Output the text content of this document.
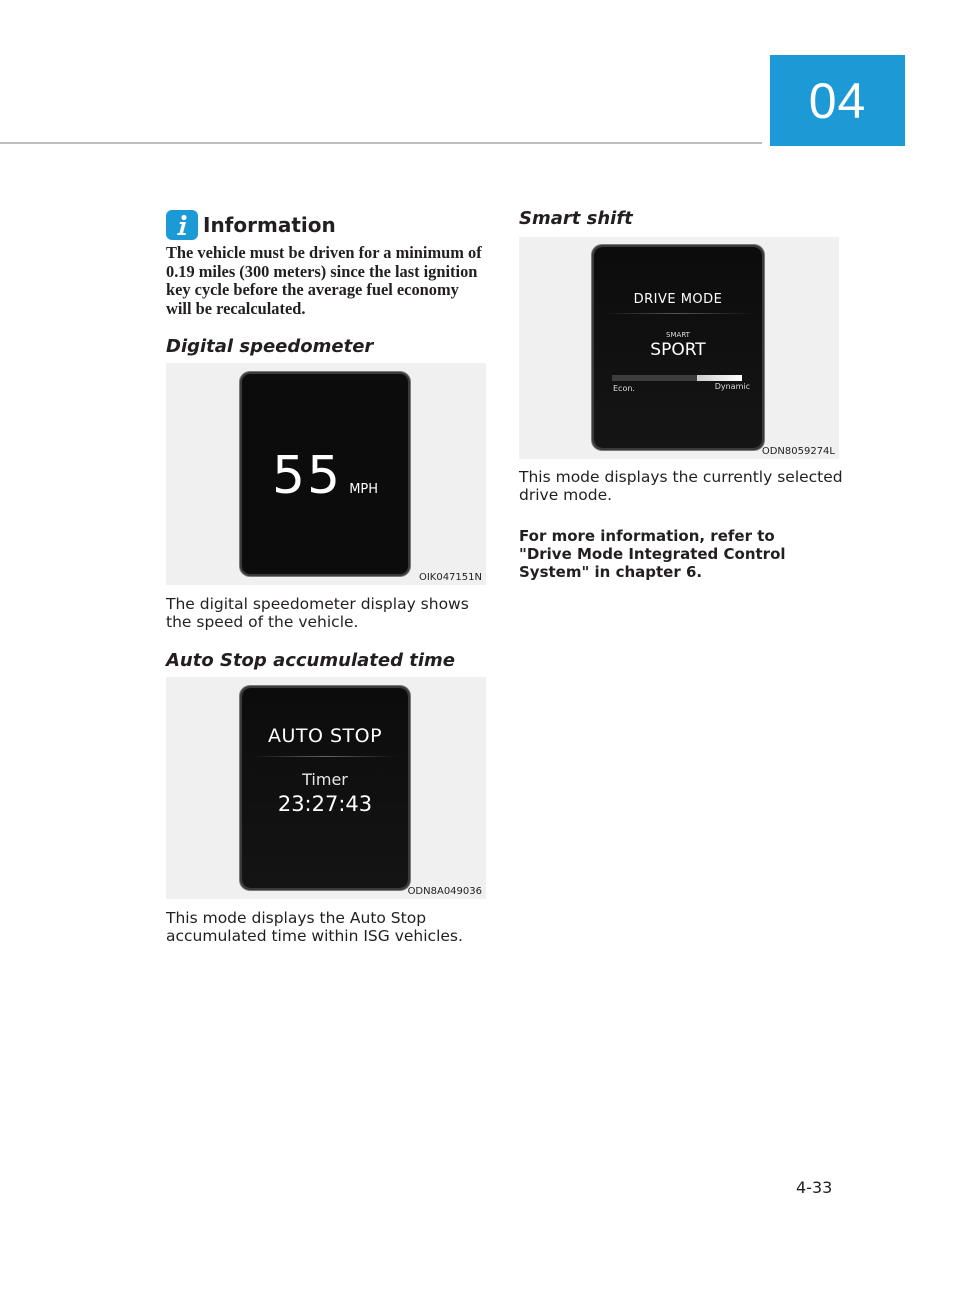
04
Information
The vehicle must be driven for a minimum of 0.19 miles (300 meters) since the last ignition key cycle before the average fuel economy will be recalculated.
Digital speedometer
55 MPH
OIK047151N
The digital speedometer display shows the speed of the vehicle.
Auto Stop accumulated time
AUTO STOP
Timer
23:27:43
ODN8A049036
This mode displays the Auto Stop accumulated time within ISG vehicles.
Smart shift
DRIVE MODE
SMART
SPORT
Econ.	Dynamic
ODN8059274L
This mode displays the currently selected drive mode.
For more information, refer to "Drive Mode Integrated Control System" in chapter 6.
4-33
